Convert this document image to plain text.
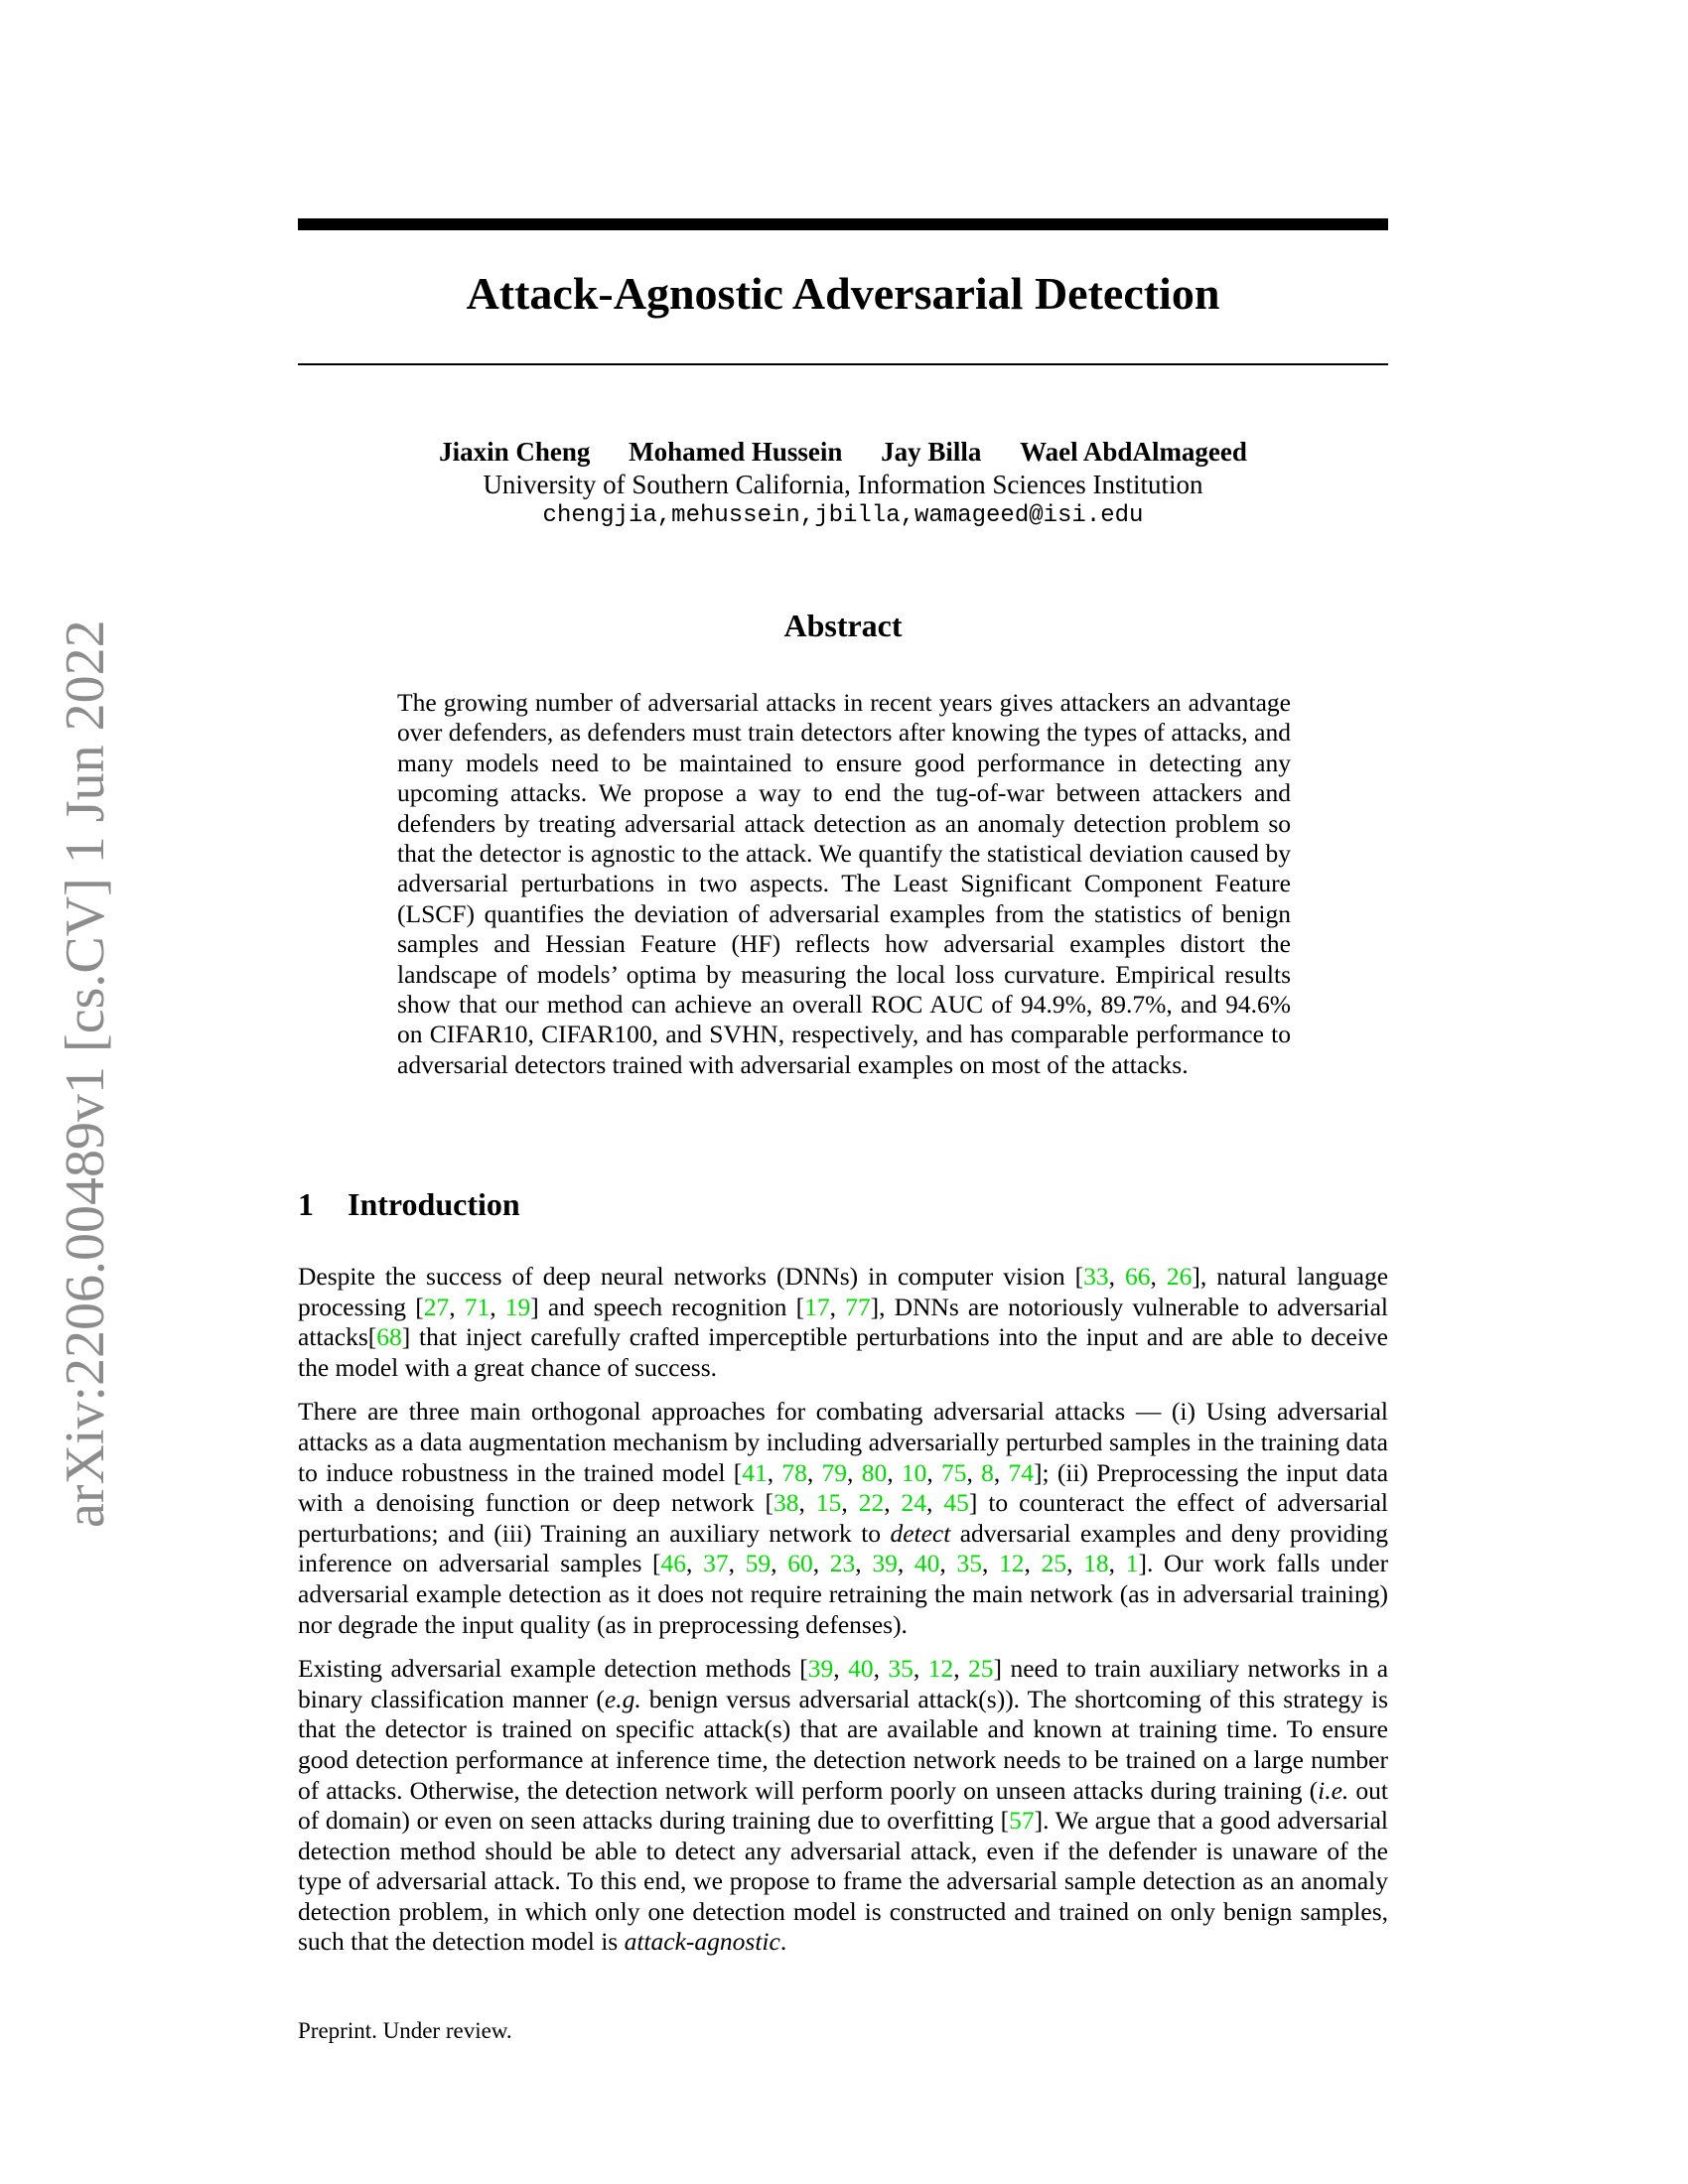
arXiv:2206.00489v1 [cs.CV] 1 Jun 2022
Attack-Agnostic Adversarial Detection
Jiaxin Cheng Mohamed Hussein Jay Billa Wael AbdAlmageed
University of Southern California, Information Sciences Institution
chengjia,mehussein,jbilla,wamageed@isi.edu
Abstract
The growing number of adversarial attacks in recent years gives attackers an advantage over defenders, as defenders must train detectors after knowing the types of attacks, and many models need to be maintained to ensure good performance in detecting any upcoming attacks. We propose a way to end the tug-of-war between attackers and defenders by treating adversarial attack detection as an anomaly detection problem so that the detector is agnostic to the attack. We quantify the statistical deviation caused by adversarial perturbations in two aspects. The Least Significant Component Feature (LSCF) quantifies the deviation of adversarial examples from the statistics of benign samples and Hessian Feature (HF) reflects how adversarial examples distort the landscape of models’ optima by measuring the local loss curvature. Empirical results show that our method can achieve an overall ROC AUC of 94.9%, 89.7%, and 94.6% on CIFAR10, CIFAR100, and SVHN, respectively, and has comparable performance to adversarial detectors trained with adversarial examples on most of the attacks.
1 Introduction

Despite the success of deep neural networks (DNNs) in computer vision [33, 66, 26], natural language processing [27, 71, 19] and speech recognition [17, 77], DNNs are notoriously vulnerable to adversarial attacks[68] that inject carefully crafted imperceptible perturbations into the input and are able to deceive the model with a great chance of success.

There are three main orthogonal approaches for combating adversarial attacks — (i) Using adversarial attacks as a data augmentation mechanism by including adversarially perturbed samples in the training data to induce robustness in the trained model [41, 78, 79, 80, 10, 75, 8, 74]; (ii) Preprocessing the input data with a denoising function or deep network [38, 15, 22, 24, 45] to counteract the effect of adversarial perturbations; and (iii) Training an auxiliary network to detect adversarial examples and deny providing inference on adversarial samples [46, 37, 59, 60, 23, 39, 40, 35, 12, 25, 18, 1]. Our work falls under adversarial example detection as it does not require retraining the main network (as in adversarial training) nor degrade the input quality (as in preprocessing defenses).

Existing adversarial example detection methods [39, 40, 35, 12, 25] need to train auxiliary networks in a binary classification manner (e.g. benign versus adversarial attack(s)). The shortcoming of this strategy is that the detector is trained on specific attack(s) that are available and known at training time. To ensure good detection performance at inference time, the detection network needs to be trained on a large number of attacks. Otherwise, the detection network will perform poorly on unseen attacks during training (i.e. out of domain) or even on seen attacks during training due to overfitting [57]. We argue that a good adversarial detection method should be able to detect any adversarial attack, even if the defender is unaware of the type of adversarial attack. To this end, we propose to frame the adversarial sample detection as an anomaly detection problem, in which only one detection model is constructed and trained on only benign samples, such that the detection model is attack-agnostic.

Preprint. Under review.
